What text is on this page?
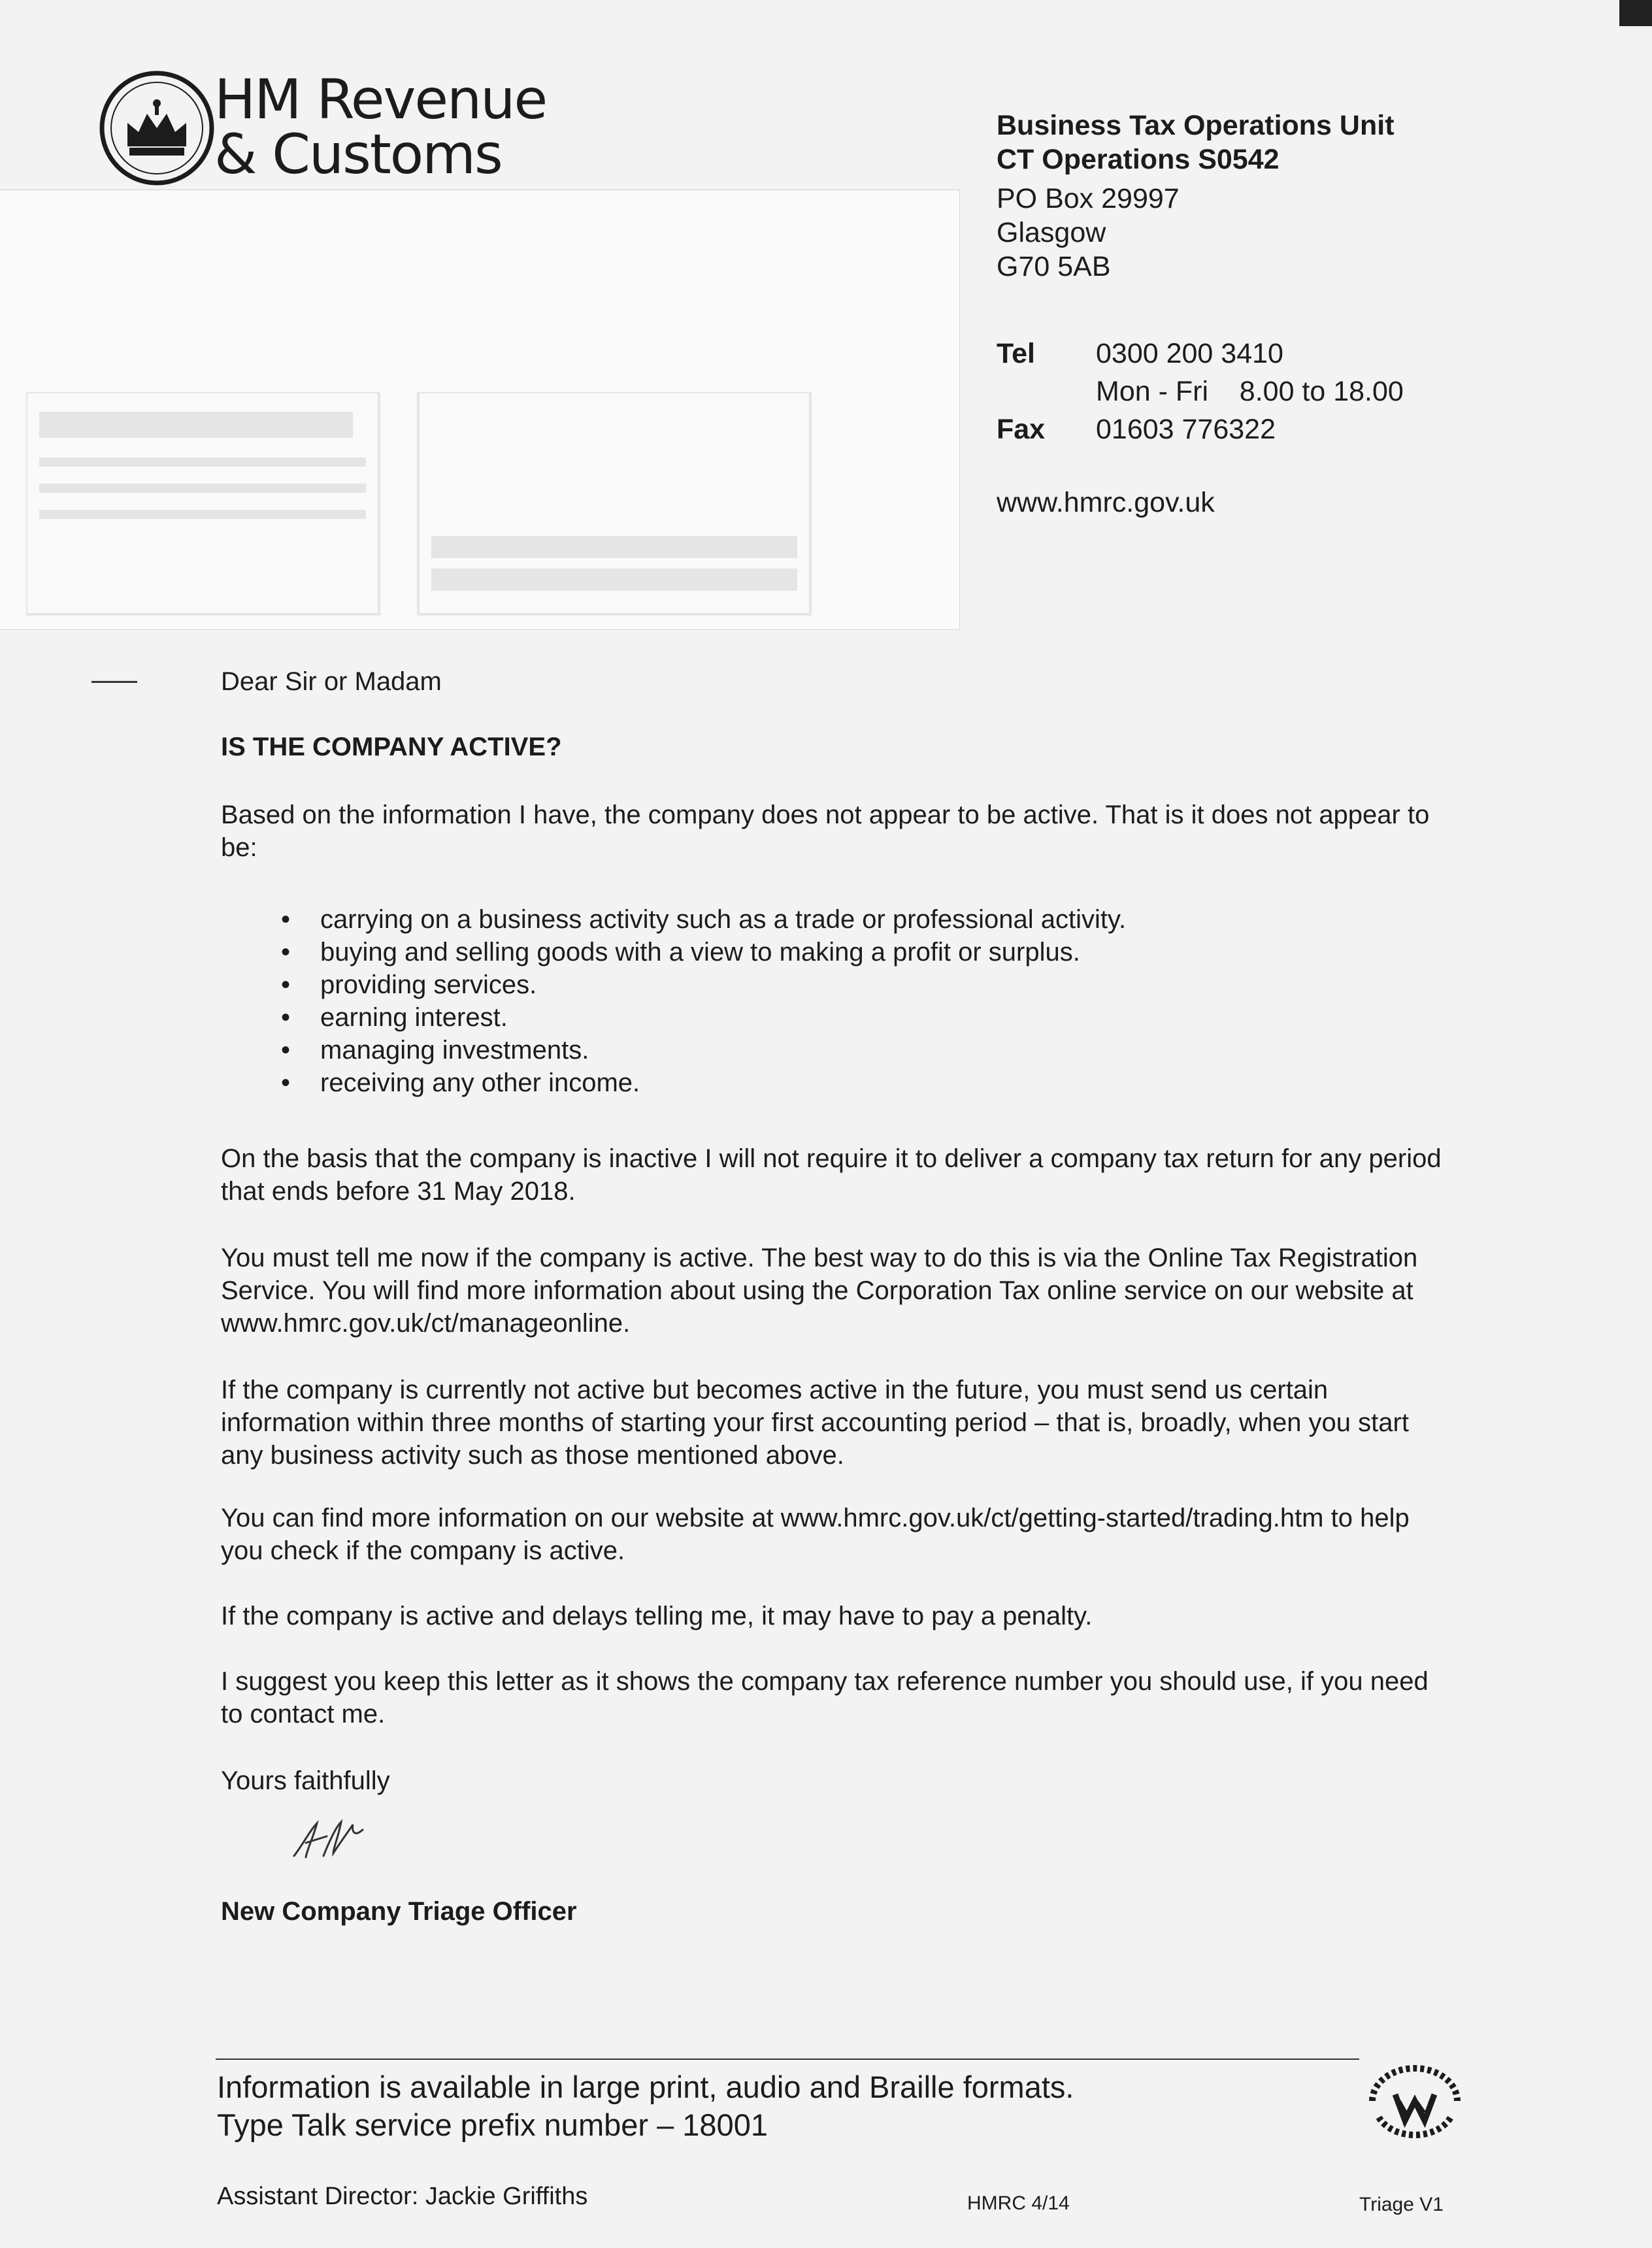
HM Revenue
& Customs	Business Tax Operations Unit
CT Operations S0542
PO Box 29997
Glasgow
G70 5AB
Tel 0300 200 3410
Mon - Fri    8.00 to 18.00
Fax 01603 776322
www.hmrc.gov.uk
Dear Sir or Madam
IS THE COMPANY ACTIVE?
Based on the information I have, the company does not appear to be active. That is it does not appear to be:
• carrying on a business activity such as a trade or professional activity.
• buying and selling goods with a view to making a profit or surplus.
• providing services.
• earning interest.
• managing investments.
• receiving any other income.
On the basis that the company is inactive I will not require it to deliver a company tax return for any period that ends before 31 May 2018.
You must tell me now if the company is active. The best way to do this is via the Online Tax Registration Service. You will find more information about using the Corporation Tax online service on our website at www.hmrc.gov.uk/ct/manageonline.
If the company is currently not active but becomes active in the future, you must send us certain information within three months of starting your first accounting period – that is, broadly, when you start any business activity such as those mentioned above.
You can find more information on our website at www.hmrc.gov.uk/ct/getting-started/trading.htm to help you check if the company is active.
If the company is active and delays telling me, it may have to pay a penalty.
I suggest you keep this letter as it shows the company tax reference number you should use, if you need to contact me.
Yours faithfully
New Company Triage Officer
Information is available in large print, audio and Braille formats.
Type Talk service prefix number – 18001
Assistant Director: Jackie Griffiths	HMRC 4/14	Triage V1
